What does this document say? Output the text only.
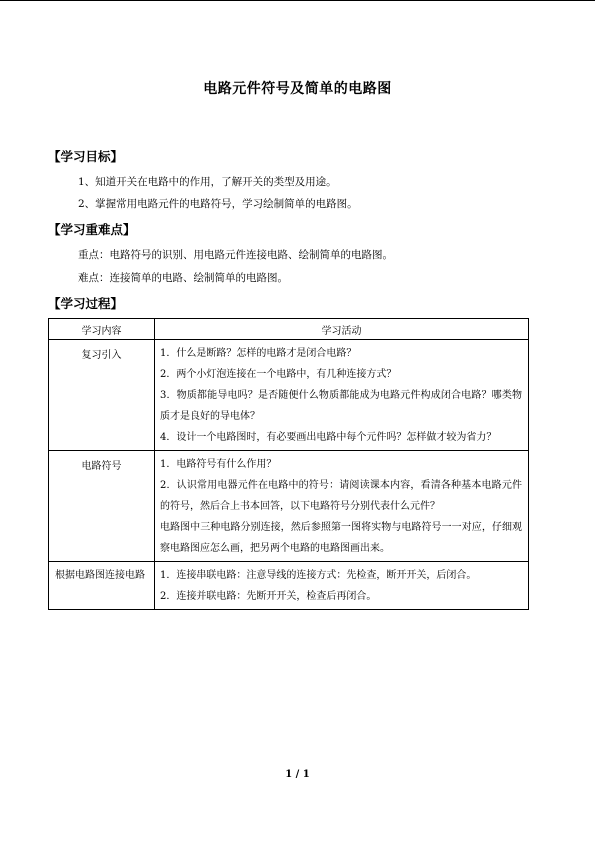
电路元件符号及简单的电路图
【学习目标】
1、知道开关在电路中的作用，了解开关的类型及用途。
2、掌握常用电路元件的电路符号，学习绘制简单的电路图。
【学习重难点】
重点：电路符号的识别、用电路元件连接电路、绘制简单的电路图。
难点：连接简单的电路、绘制简单的电路图。
【学习过程】
学习内容	学习活动

复习引入	1．什么是断路？怎样的电路才是闭合电路？
2．两个小灯泡连接在一个电路中，有几种连接方式？
3．物质都能导电吗？是否随便什么物质都能成为电路元件构成闭合电路？哪类物质才是良好的导电体？
4．设计一个电路图时，有必要画出电路中每个元件吗？怎样做才较为省力？

电路符号	1．电路符号有什么作用？
2．认识常用电器元件在电路中的符号：请阅读课本内容，看清各种基本电路元件的符号，然后合上书本回答，以下电路符号分别代表什么元件？
电路图中三种电路分别连接，然后参照第一图将实物与电路符号一一对应，仔细观察电路图应怎么画，把另两个电路的电路图画出来。

根据电路图连接电路	1．连接串联电路：注意导线的连接方式：先检查，断开开关，后闭合。
2．连接并联电路：先断开开关，检查后再闭合。
1 / 1
